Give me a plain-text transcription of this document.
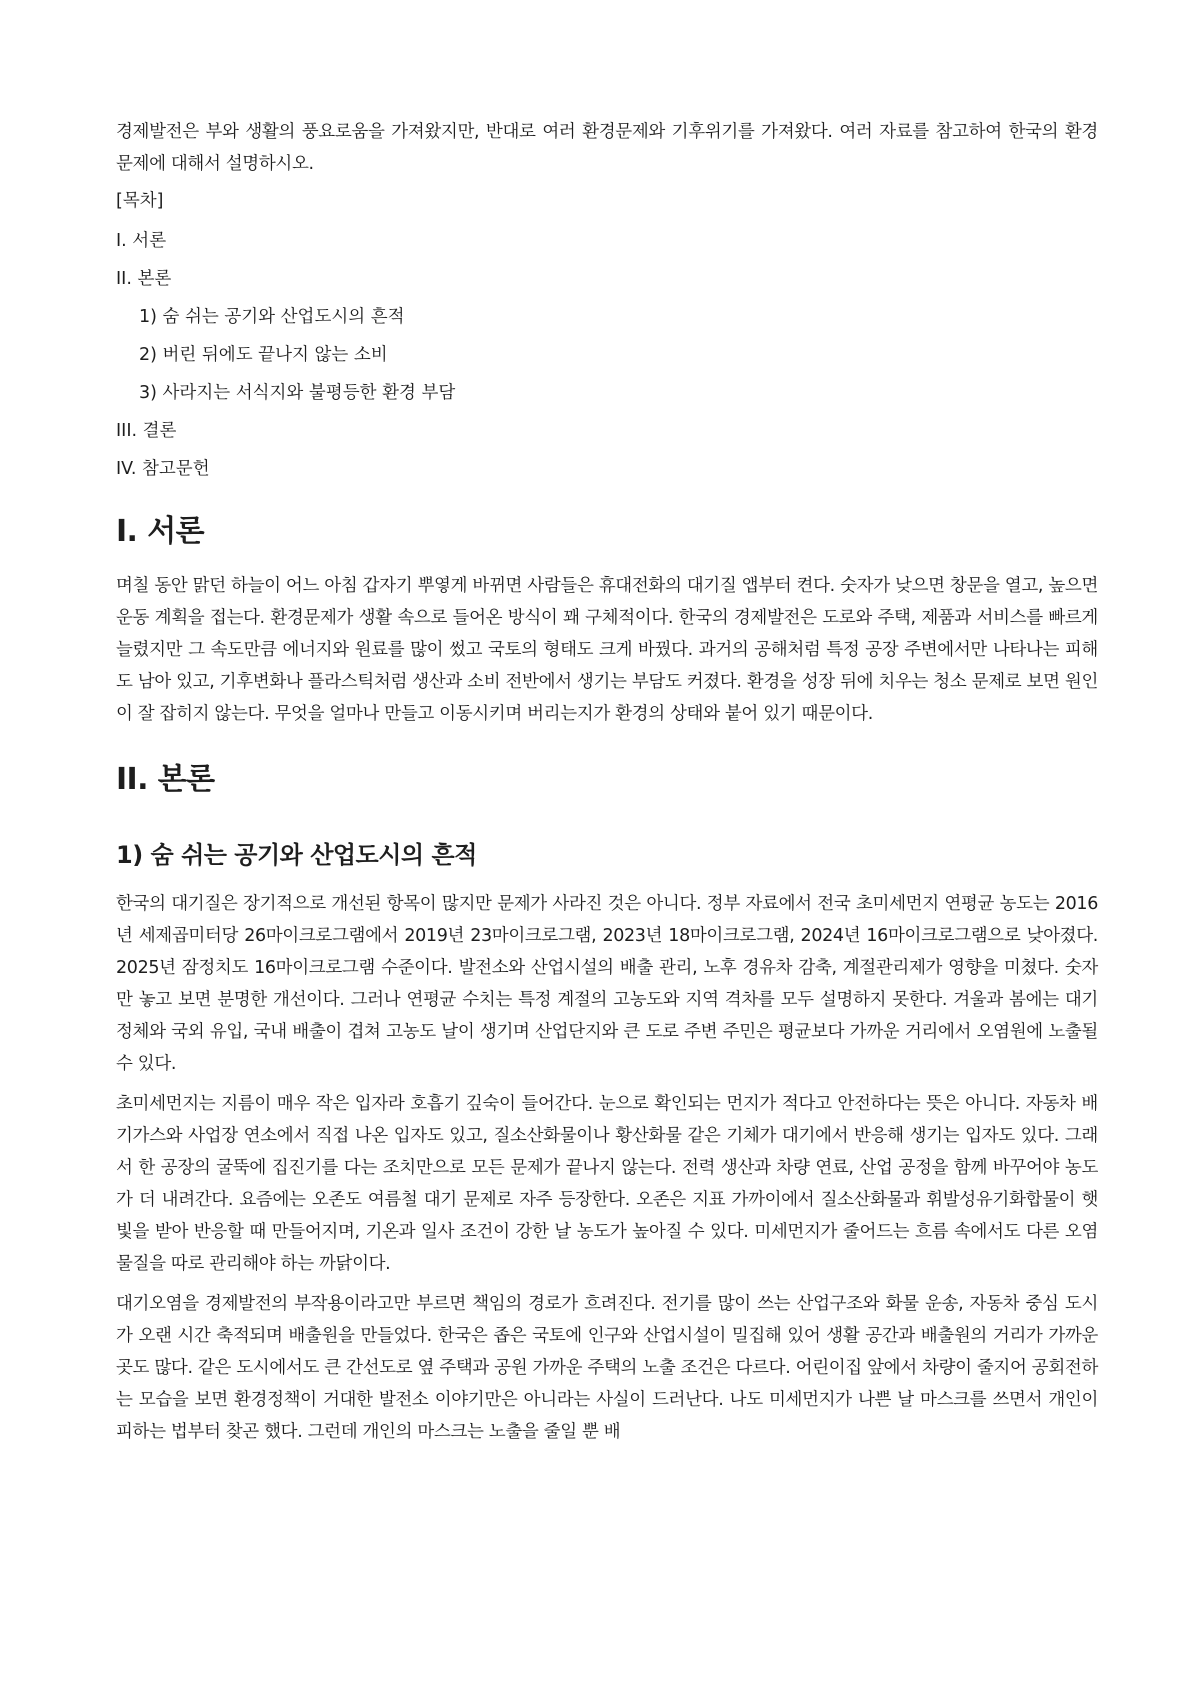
경제발전은 부와 생활의 풍요로움을 가져왔지만, 반대로 여러 환경문제와 기후위기를 가져왔다. 여러 자료를 참고하여 한국의 환경 문제에 대해서 설명하시오.

[목차]
I. 서론
II. 본론
1) 숨 쉬는 공기와 산업도시의 흔적
2) 버린 뒤에도 끝나지 않는 소비
3) 사라지는 서식지와 불평등한 환경 부담
III. 결론
IV. 참고문헌
I. 서론

며칠 동안 맑던 하늘이 어느 아침 갑자기 뿌옇게 바뀌면 사람들은 휴대전화의 대기질 앱부터 켠다. 숫자가 낮으면 창문을 열고, 높으면 운동 계획을 접는다. 환경문제가 생활 속으로 들어온 방식이 꽤 구체적이다. 한국의 경제발전은 도로와 주택, 제품과 서비스를 빠르게 늘렸지만 그 속도만큼 에너지와 원료를 많이 썼고 국토의 형태도 크게 바꿨다. 과거의 공해처럼 특정 공장 주변에서만 나타나는 피해도 남아 있고, 기후변화나 플라스틱처럼 생산과 소비 전반에서 생기는 부담도 커졌다. 환경을 성장 뒤에 치우는 청소 문제로 보면 원인이 잘 잡히지 않는다. 무엇을 얼마나 만들고 이동시키며 버리는지가 환경의 상태와 붙어 있기 때문이다.

II. 본론
1) 숨 쉬는 공기와 산업도시의 흔적

한국의 대기질은 장기적으로 개선된 항목이 많지만 문제가 사라진 것은 아니다. 정부 자료에서 전국 초미세먼지 연평균 농도는 2016년 세제곱미터당 26마이크로그램에서 2019년 23마이크로그램, 2023년 18마이크로그램, 2024년 16마이크로그램으로 낮아졌다. 2025년 잠정치도 16마이크로그램 수준이다. 발전소와 산업시설의 배출 관리, 노후 경유차 감축, 계절관리제가 영향을 미쳤다. 숫자만 놓고 보면 분명한 개선이다. 그러나 연평균 수치는 특정 계절의 고농도와 지역 격차를 모두 설명하지 못한다. 겨울과 봄에는 대기 정체와 국외 유입, 국내 배출이 겹쳐 고농도 날이 생기며 산업단지와 큰 도로 주변 주민은 평균보다 가까운 거리에서 오염원에 노출될 수 있다.

초미세먼지는 지름이 매우 작은 입자라 호흡기 깊숙이 들어간다. 눈으로 확인되는 먼지가 적다고 안전하다는 뜻은 아니다. 자동차 배기가스와 사업장 연소에서 직접 나온 입자도 있고, 질소산화물이나 황산화물 같은 기체가 대기에서 반응해 생기는 입자도 있다. 그래서 한 공장의 굴뚝에 집진기를 다는 조치만으로 모든 문제가 끝나지 않는다. 전력 생산과 차량 연료, 산업 공정을 함께 바꾸어야 농도가 더 내려간다. 요즘에는 오존도 여름철 대기 문제로 자주 등장한다. 오존은 지표 가까이에서 질소산화물과 휘발성유기화합물이 햇빛을 받아 반응할 때 만들어지며, 기온과 일사 조건이 강한 날 농도가 높아질 수 있다. 미세먼지가 줄어드는 흐름 속에서도 다른 오염물질을 따로 관리해야 하는 까닭이다.

대기오염을 경제발전의 부작용이라고만 부르면 책임의 경로가 흐려진다. 전기를 많이 쓰는 산업구조와 화물 운송, 자동차 중심 도시가 오랜 시간 축적되며 배출원을 만들었다. 한국은 좁은 국토에 인구와 산업시설이 밀집해 있어 생활 공간과 배출원의 거리가 가까운 곳도 많다. 같은 도시에서도 큰 간선도로 옆 주택과 공원 가까운 주택의 노출 조건은 다르다. 어린이집 앞에서 차량이 줄지어 공회전하는 모습을 보면 환경정책이 거대한 발전소 이야기만은 아니라는 사실이 드러난다. 나도 미세먼지가 나쁜 날 마스크를 쓰면서 개인이 피하는 법부터 찾곤 했다. 그런데 개인의 마스크는 노출을 줄일 뿐 배
